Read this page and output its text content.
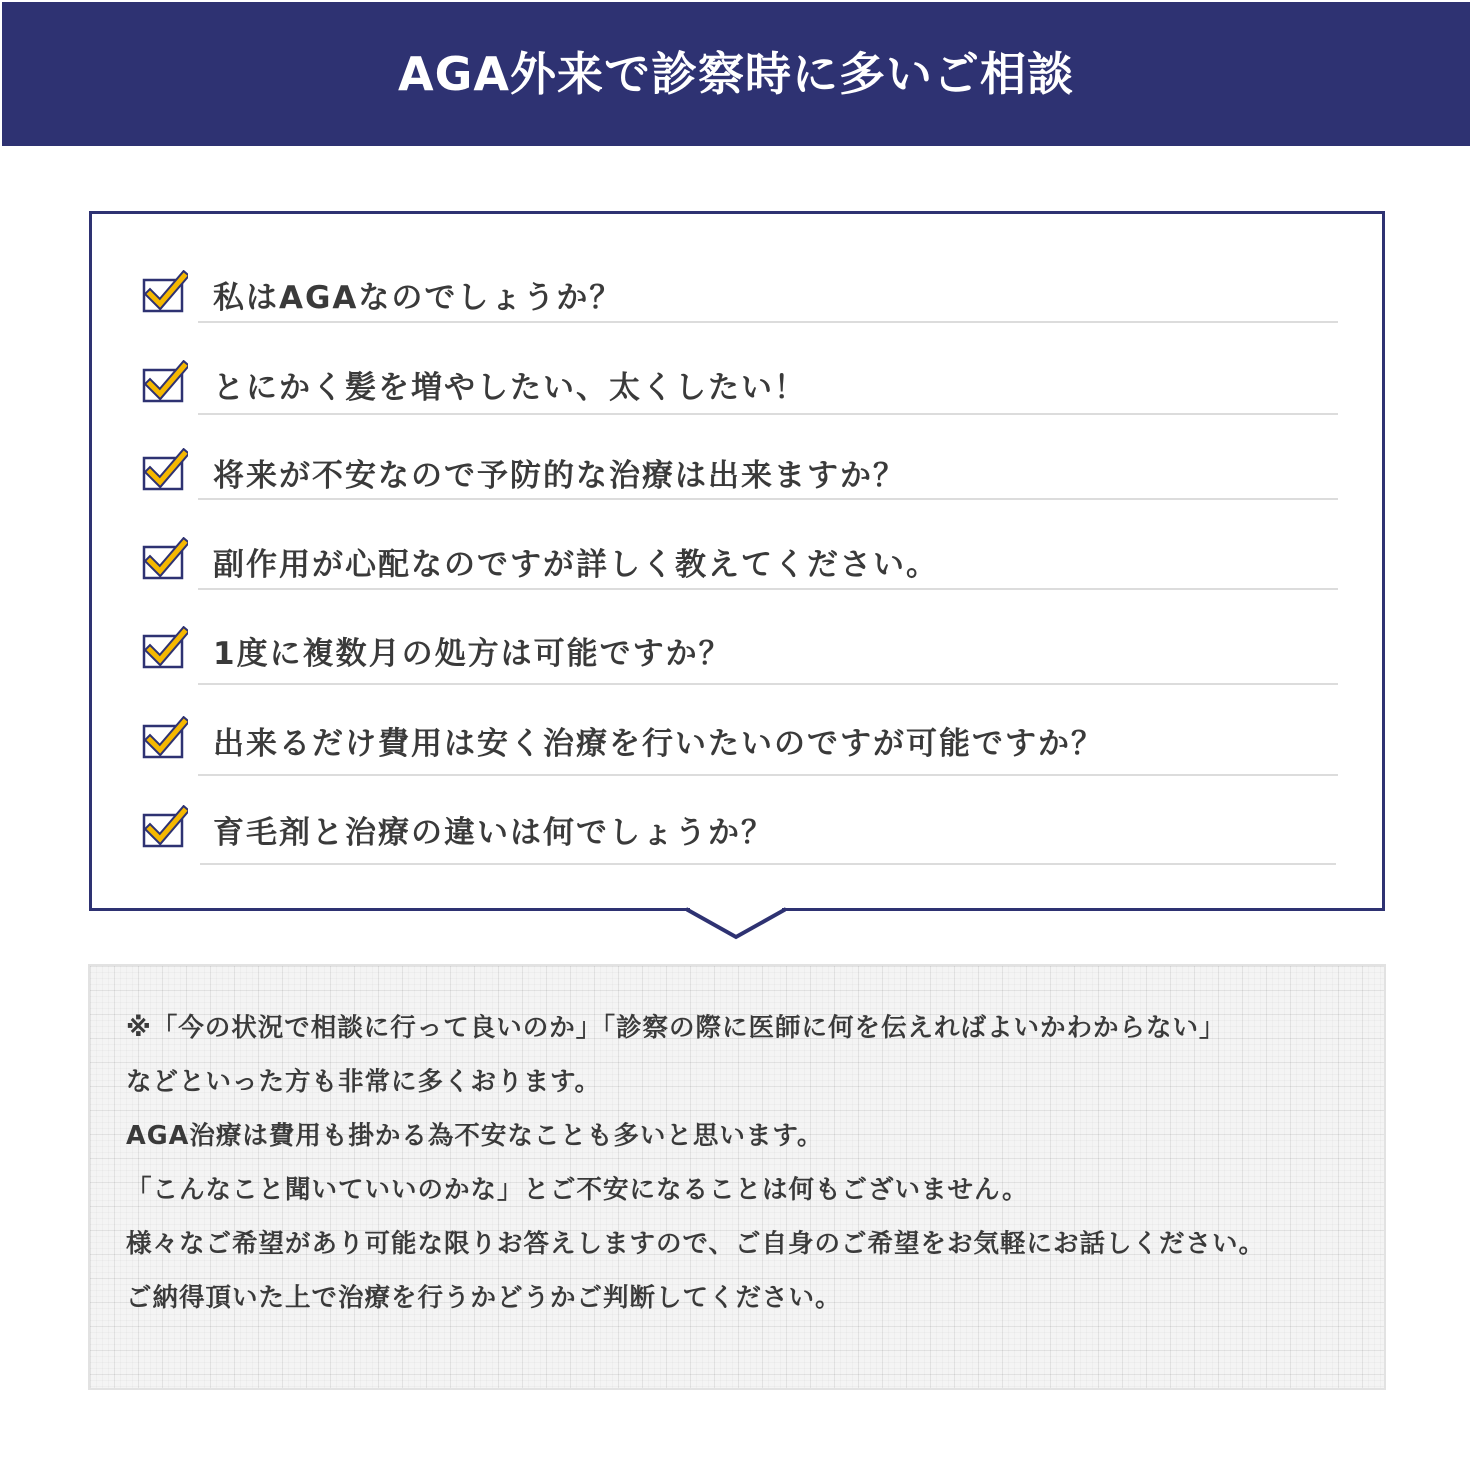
AGA外来で診察時に多いご相談
私はAGAなのでしょうか？
とにかく髪を増やしたい、太くしたい！
将来が不安なので予防的な治療は出来ますか？
副作用が心配なのですが詳しく教えてください。
1度に複数月の処方は可能ですか？
出来るだけ費用は安く治療を行いたいのですが可能ですか？
育毛剤と治療の違いは何でしょうか？
※「今の状況で相談に行って良いのか」「診察の際に医師に何を伝えればよいかわからない」
などといった方も非常に多くおります。
AGA治療は費用も掛かる為不安なことも多いと思います。
「こんなこと聞いていいのかな」とご不安になることは何もございません。
様々なご希望があり可能な限りお答えしますので、ご自身のご希望をお気軽にお話しください。
ご納得頂いた上で治療を行うかどうかご判断してください。
